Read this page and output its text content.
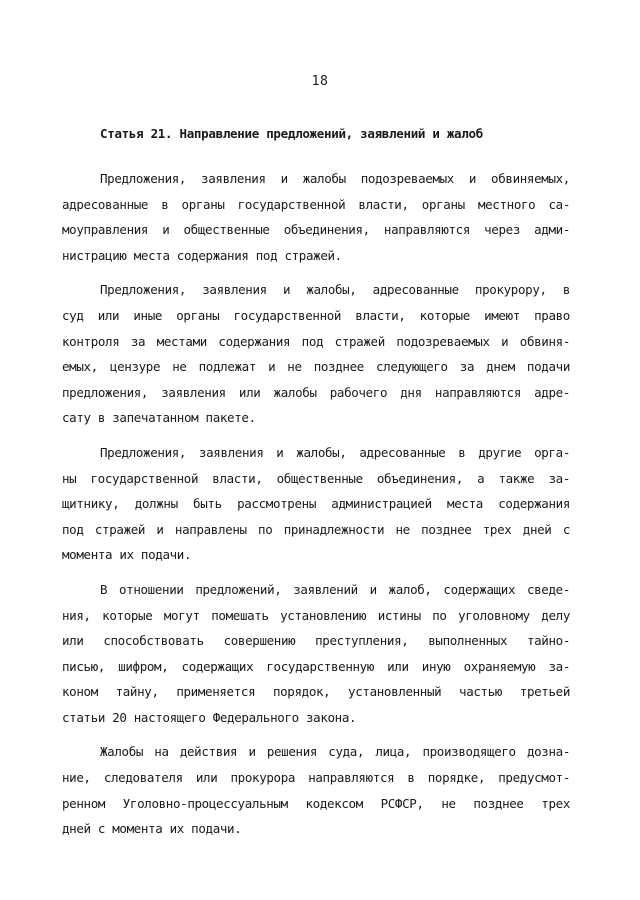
18
Статья 21. Направление предложений, заявлений и жалоб
Предложения, заявления и жалобы подозреваемых и обвиняемых,
адресованные в органы государственной власти, органы местного са-
моуправления и общественные объединения, направляются через адми-
нистрацию места содержания под стражей.
Предложения, заявления и жалобы, адресованные прокурору, в
суд или иные органы государственной власти, которые имеют право
контроля за местами содержания под стражей подозреваемых и обвиня-
емых, цензуре не подлежат и не позднее следующего за днем подачи
предложения, заявления или жалобы рабочего дня направляются адре-
сату в запечатанном пакете.
Предложения, заявления и жалобы, адресованные в другие орга-
ны государственной власти, общественные объединения, а также за-
щитнику, должны быть рассмотрены администрацией места содержания
под стражей и направлены по принадлежности не позднее трех дней с
момента их подачи.
В отношении предложений, заявлений и жалоб, содержащих сведе-
ния, которые могут помешать установлению истины по уголовному делу
или способствовать совершению преступления, выполненных тайно-
писью, шифром, содержащих государственную или иную охраняемую за-
коном тайну, применяется порядок, установленный частью третьей
статьи 20 настоящего Федерального закона.
Жалобы на действия и решения суда, лица, производящего дозна-
ние, следователя или прокурора направляются в порядке, предусмот-
ренном Уголовно-процессуальным кодексом РСФСР, не позднее трех
дней с момента их подачи.
